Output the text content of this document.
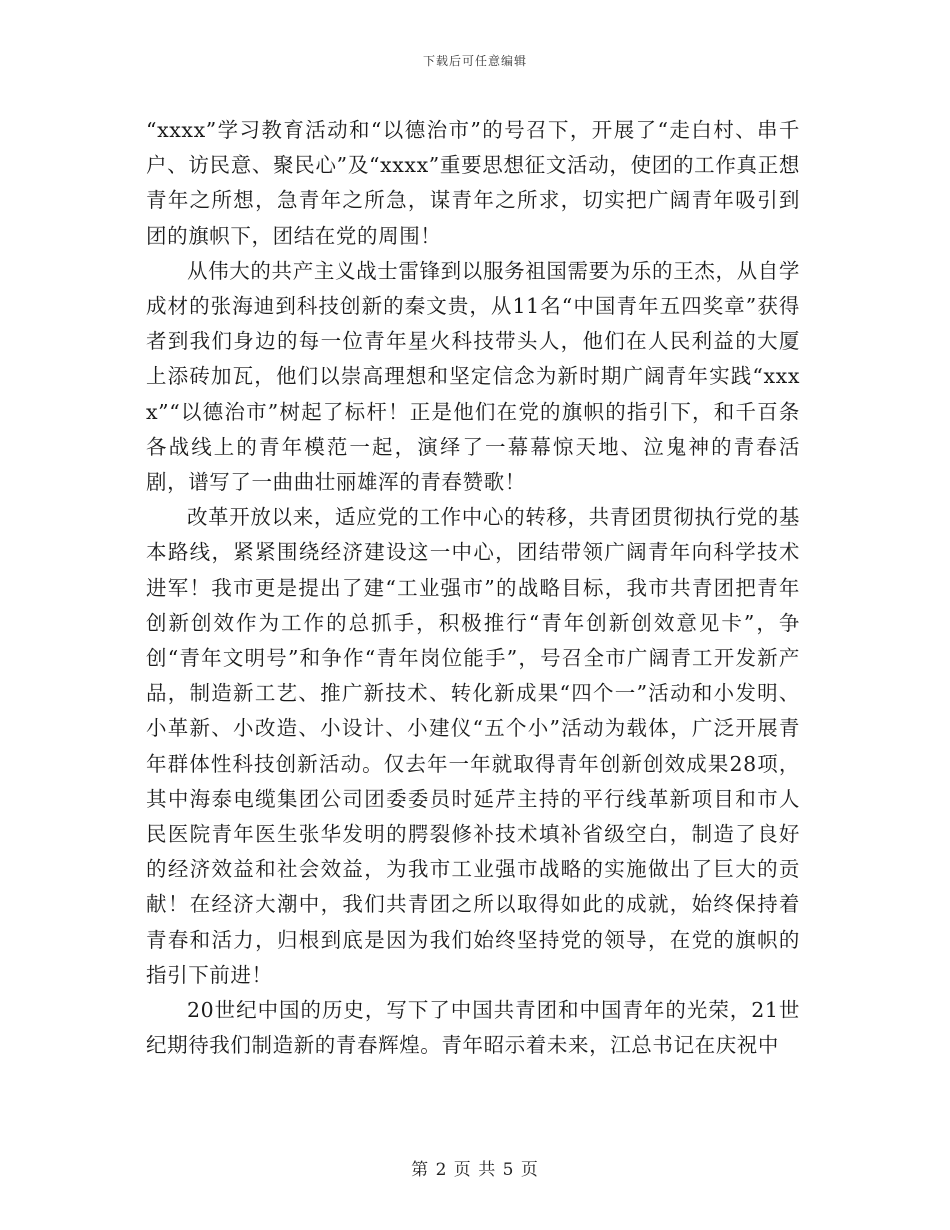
下载后可任意编辑

“xxxx”学习教育活动和“以德治市”的号召下，开展了“走白村、串千户、访民意、聚民心”及“xxxx”重要思想征文活动，使团的工作真正想青年之所想，急青年之所急，谋青年之所求，切实把广阔青年吸引到团的旗帜下，团结在党的周围！

从伟大的共产主义战士雷锋到以服务祖国需要为乐的王杰，从自学成材的张海迪到科技创新的秦文贵，从11名“中国青年五四奖章”获得者到我们身边的每一位青年星火科技带头人，他们在人民利益的大厦上添砖加瓦，他们以崇高理想和坚定信念为新时期广阔青年实践“xxxx”“以德治市”树起了标杆！正是他们在党的旗帜的指引下，和千百条各战线上的青年模范一起，演绎了一幕幕惊天地、泣鬼神的青春活剧，谱写了一曲曲壮丽雄浑的青春赞歌！

改革开放以来，适应党的工作中心的转移，共青团贯彻执行党的基本路线，紧紧围绕经济建设这一中心，团结带领广阔青年向科学技术进军！我市更是提出了建“工业强市”的战略目标，我市共青团把青年创新创效作为工作的总抓手，积极推行“青年创新创效意见卡”，争创“青年文明号”和争作“青年岗位能手”，号召全市广阔青工开发新产品，制造新工艺、推广新技术、转化新成果“四个一”活动和小发明、小革新、小改造、小设计、小建仪“五个小”活动为载体，广泛开展青年群体性科技创新活动。仅去年一年就取得青年创新创效成果28项，其中海泰电缆集团公司团委委员时延芹主持的平行线革新项目和市人民医院青年医生张华发明的腭裂修补技术填补省级空白，制造了良好的经济效益和社会效益，为我市工业强市战略的实施做出了巨大的贡献！在经济大潮中，我们共青团之所以取得如此的成就，始终保持着青春和活力，归根到底是因为我们始终坚持党的领导，在党的旗帜的指引下前进！

20世纪中国的历史，写下了中国共青团和中国青年的光荣，21世纪期待我们制造新的青春辉煌。青年昭示着未来，江总书记在庆祝中

第 2 页 共 5 页
